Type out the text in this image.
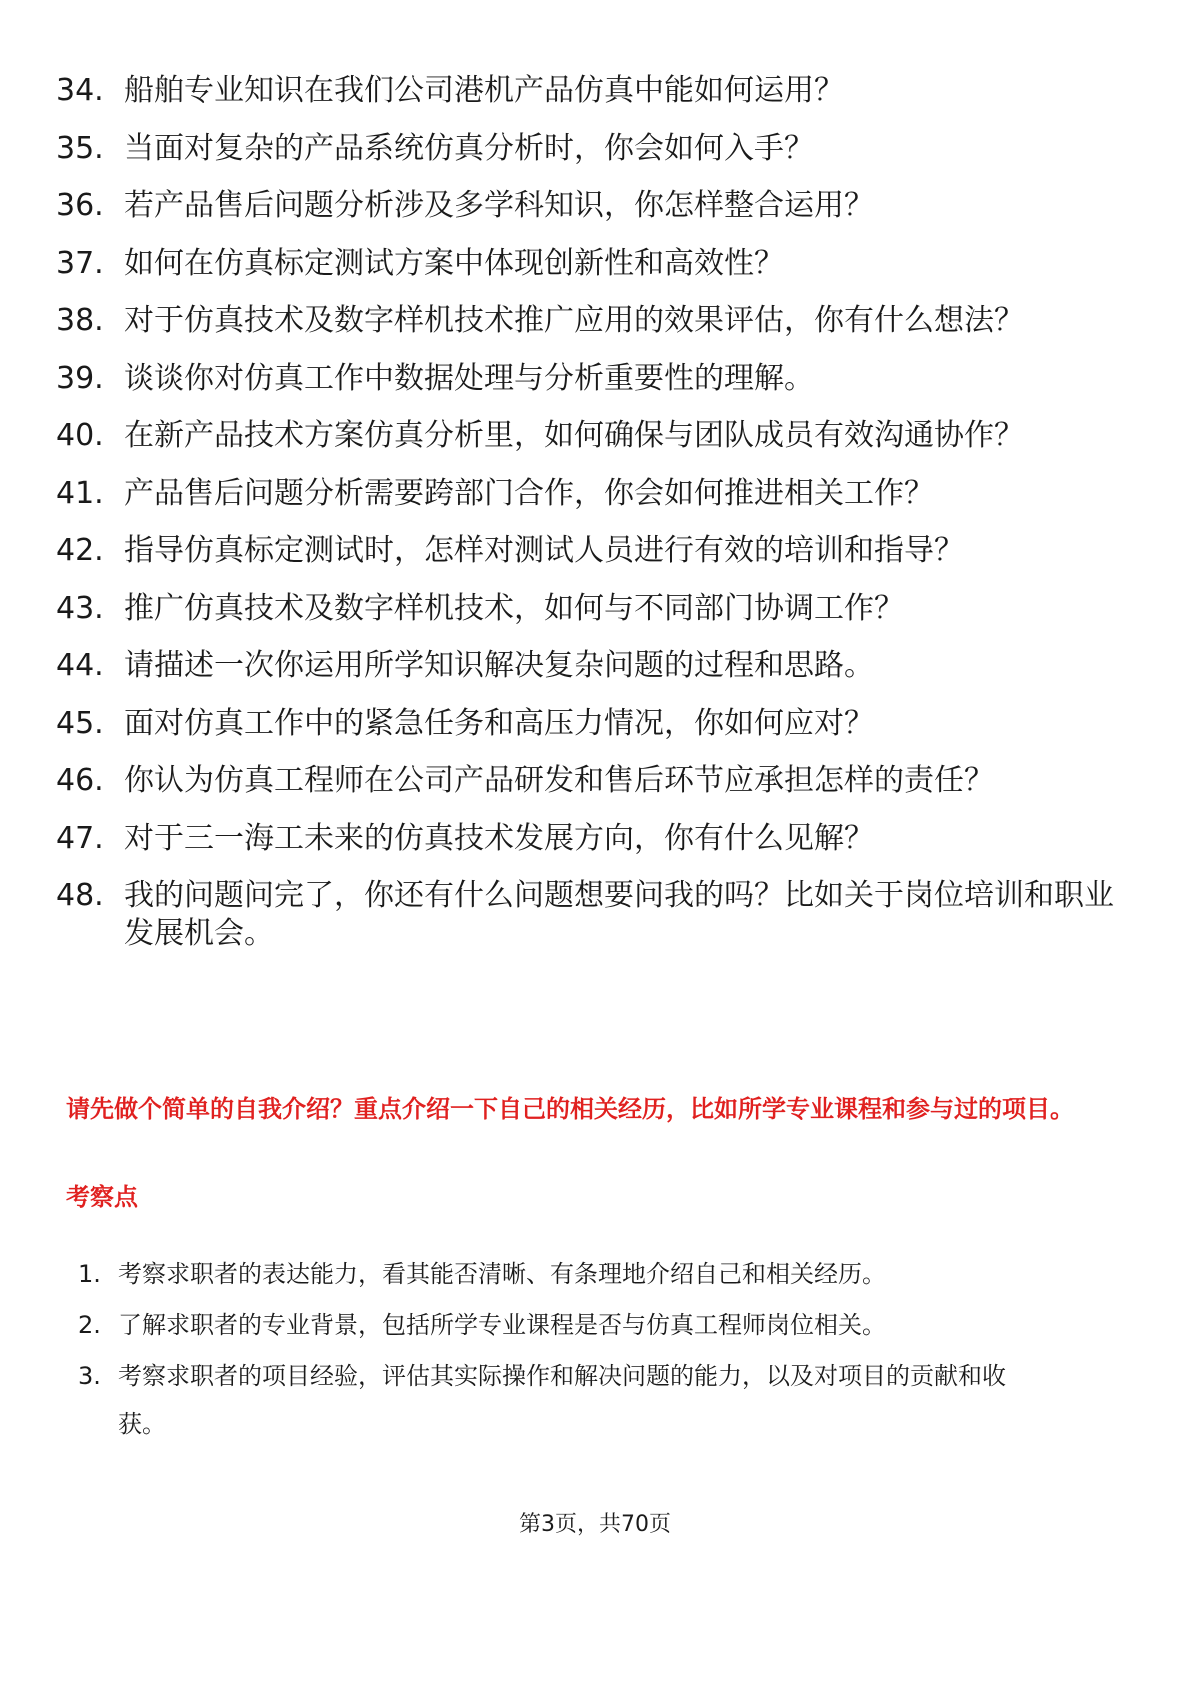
34. 船舶专业知识在我们公司港机产品仿真中能如何运用？
35. 当面对复杂的产品系统仿真分析时，你会如何入手？
36. 若产品售后问题分析涉及多学科知识，你怎样整合运用？
37. 如何在仿真标定测试方案中体现创新性和高效性？
38. 对于仿真技术及数字样机技术推广应用的效果评估，你有什么想法？
39. 谈谈你对仿真工作中数据处理与分析重要性的理解。
40. 在新产品技术方案仿真分析里，如何确保与团队成员有效沟通协作？
41. 产品售后问题分析需要跨部门合作，你会如何推进相关工作？
42. 指导仿真标定测试时，怎样对测试人员进行有效的培训和指导？
43. 推广仿真技术及数字样机技术，如何与不同部门协调工作？
44. 请描述一次你运用所学知识解决复杂问题的过程和思路。
45. 面对仿真工作中的紧急任务和高压力情况，你如何应对？
46. 你认为仿真工程师在公司产品研发和售后环节应承担怎样的责任？
47. 对于三一海工未来的仿真技术发展方向，你有什么见解？
48. 我的问题问完了，你还有什么问题想要问我的吗？比如关于岗位培训和职业发展机会。

请先做个简单的自我介绍？重点介绍一下自己的相关经历，比如所学专业课程和参与过的项目。

考察点
1. 考察求职者的表达能力，看其能否清晰、有条理地介绍自己和相关经历。
2. 了解求职者的专业背景，包括所学专业课程是否与仿真工程师岗位相关。
3. 考察求职者的项目经验，评估其实际操作和解决问题的能力，以及对项目的贡献和收获。
第3页，共70页
